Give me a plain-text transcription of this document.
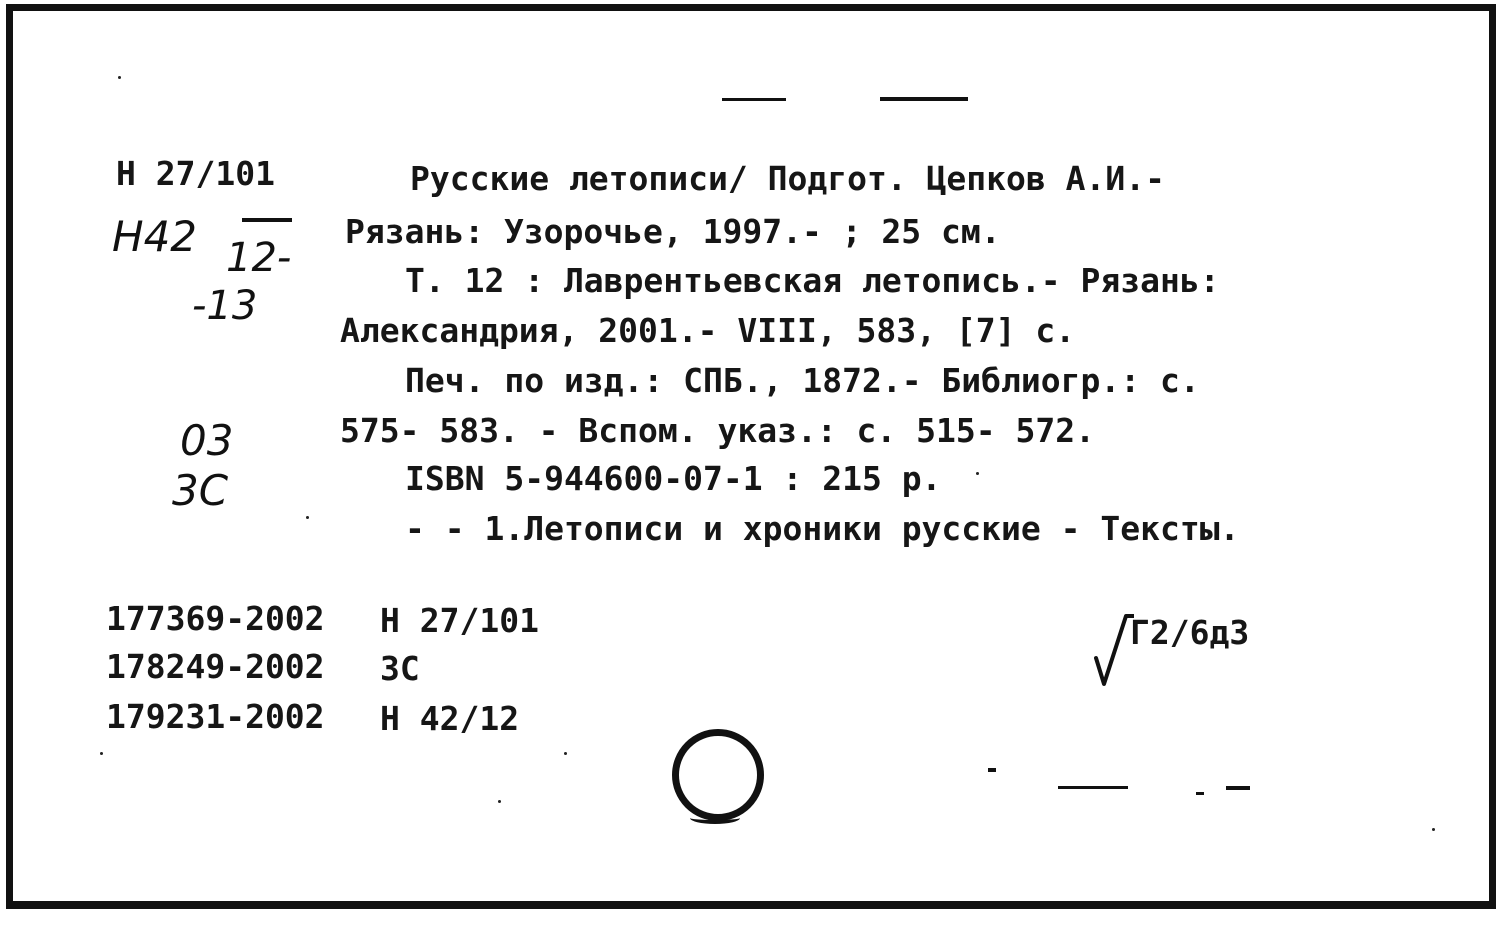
Н 27/101
Н42 12-
-13
03
3С
Русские летописи/ Подгот. Цепков А.И.-
Рязань: Узорочье, 1997.- ; 25 см.
Т. 12 : Лаврентьевская летопись.- Рязань:
Александрия, 2001.- VIII, 583, [7] с.
Печ. по изд.: СПБ., 1872.- Библиогр.: с.
575- 583. - Вспом. указ.: с. 515- 572.
ISBN 5-944600-07-1 : 215 р.
- - 1.Летописи и хроники русские - Тексты.
177369-2002 Н 27/101
178249-2002 ЗС
179231-2002 Н 42/12
Г2/6д3
